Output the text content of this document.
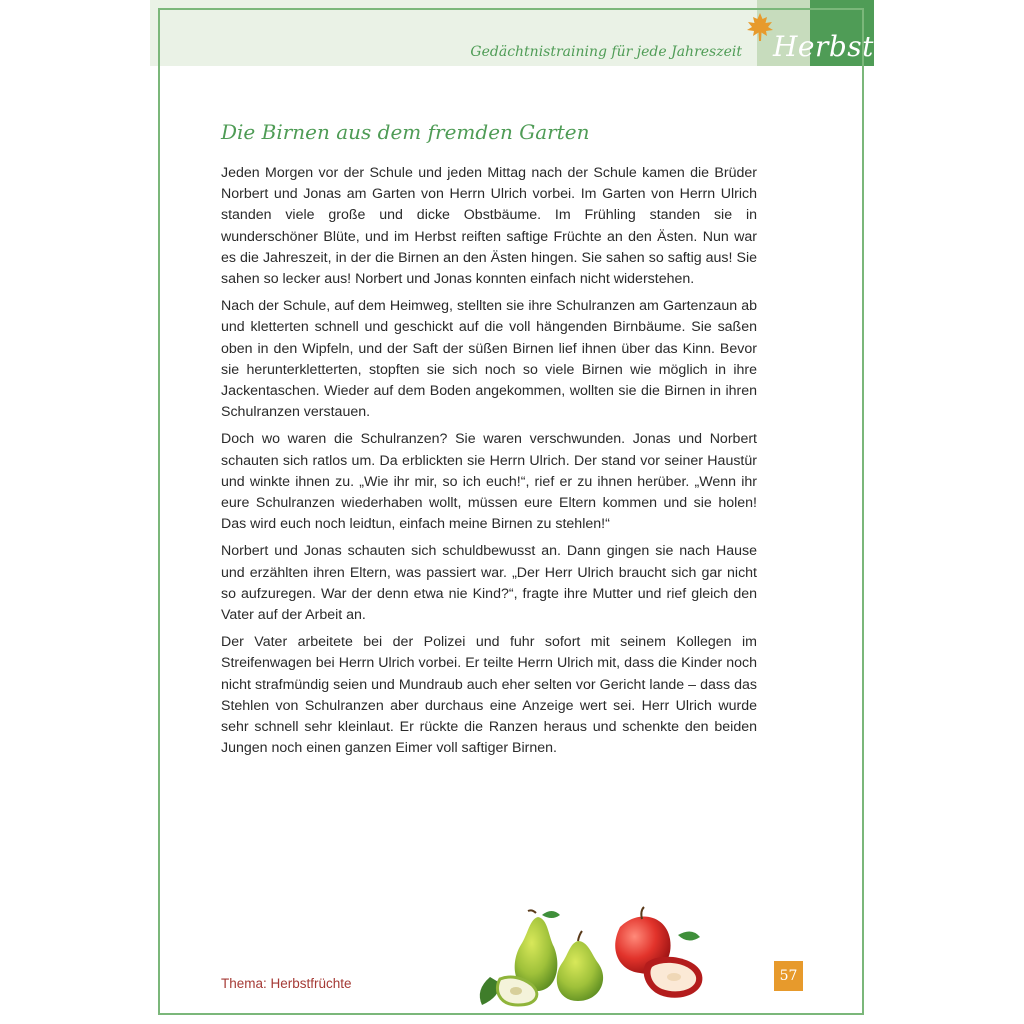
Gedächtnistraining für jede Jahreszeit Herbst
Die Birnen aus dem fremden Garten

Jeden Morgen vor der Schule und jeden Mittag nach der Schule kamen die Brüder Norbert und Jonas am Garten von Herrn Ulrich vorbei. Im Garten von Herrn Ulrich standen viele große und dicke Obstbäume. Im Frühling standen sie in wunderschöner Blüte, und im Herbst reiften saftige Früchte an den Ästen. Nun war es die Jahreszeit, in der die Birnen an den Ästen hingen. Sie sahen so saftig aus! Sie sahen so lecker aus! Norbert und Jonas konnten einfach nicht widerstehen.

Nach der Schule, auf dem Heimweg, stellten sie ihre Schulranzen am Gartenzaun ab und kletterten schnell und geschickt auf die voll hängenden Birnbäume. Sie saßen oben in den Wipfeln, und der Saft der süßen Birnen lief ihnen über das Kinn. Bevor sie herunterkletterten, stopften sie sich noch so viele Birnen wie möglich in ihre Jackentaschen. Wieder auf dem Boden angekommen, wollten sie die Birnen in ihren Schulranzen verstauen.

Doch wo waren die Schulranzen? Sie waren verschwunden. Jonas und Norbert schauten sich ratlos um. Da erblickten sie Herrn Ulrich. Der stand vor seiner Haustür und winkte ihnen zu. „Wie ihr mir, so ich euch!“, rief er zu ihnen herüber. „Wenn ihr eure Schulranzen wiederhaben wollt, müssen eure Eltern kommen und sie holen! Das wird euch noch leidtun, einfach meine Birnen zu stehlen!“

Norbert und Jonas schauten sich schuldbewusst an. Dann gingen sie nach Hause und erzählten ihren Eltern, was passiert war. „Der Herr Ulrich braucht sich gar nicht so aufzuregen. War der denn etwa nie Kind?“, fragte ihre Mutter und rief gleich den Vater auf der Arbeit an.

Der Vater arbeitete bei der Polizei und fuhr sofort mit seinem Kollegen im Streifenwagen bei Herrn Ulrich vorbei. Er teilte Herrn Ulrich mit, dass die Kinder noch nicht strafmündig seien und Mundraub auch eher selten vor Gericht lande – dass das Stehlen von Schulranzen aber durchaus eine Anzeige wert sei. Herr Ulrich wurde sehr schnell sehr kleinlaut. Er rückte die Ranzen heraus und schenkte den beiden Jungen noch einen ganzen Eimer voll saftiger Birnen.

Thema: Herbstfrüchte	57
